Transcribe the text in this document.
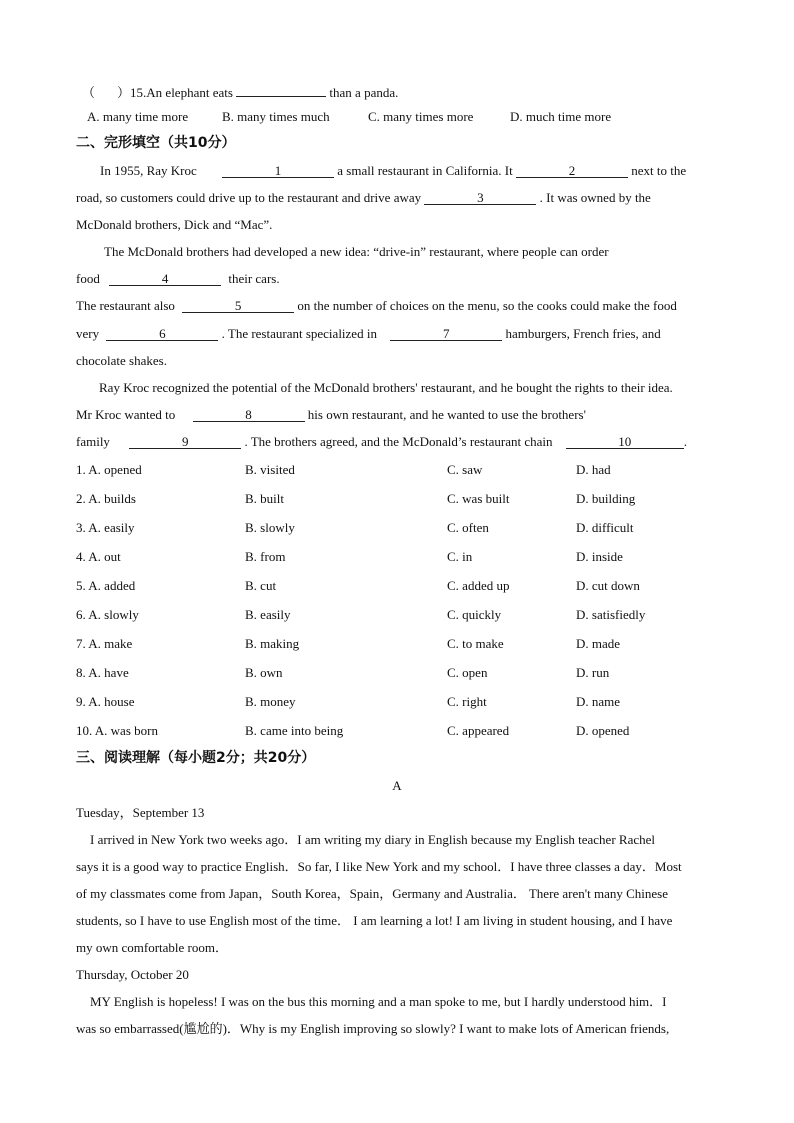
（ ）15.An elephant eats	than a panda.
A. many time more	B. many times much	C. many times more	D. much time more
二、完形填空（共10分）
In 1955, Ray Kroc	1	a small restaurant in California. It	2	next to the
road, so customers could drive up to the restaurant and drive away	3	. It was owned by the
McDonald brothers, Dick and “Mac”.
The McDonald brothers had developed a new idea: “drive-in” restaurant, where people can order
food	4	their cars.
The restaurant also	5	on the number of choices on the menu, so the cooks could make the food
very	6	. The restaurant specialized in	7	hamburgers, French fries, and
chocolate shakes.
Ray Kroc recognized the potential of the McDonald brothers' restaurant, and he bought the rights to their idea.
Mr Kroc wanted to	8	his own restaurant, and he wanted to use the brothers'
family	9	. The brothers agreed, and the McDonald’s restaurant chain	10	.
1. A. opened	B. visited	C. saw	D. had
2. A. builds	B. built	C. was built	D. building
3. A. easily	B. slowly	C. often	D. difficult
4. A. out	B. from	C. in	D. inside
5. A. added	B. cut	C. added up	D. cut down
6. A. slowly	B. easily	C. quickly	D. satisfiedly
7. A. make	B. making	C. to make	D. made
8. A. have	B. own	C. open	D. run
9. A. house	B. money	C. right	D. name
10. A. was born	B. came into being	C. appeared	D. opened
三、阅读理解（每小题2分；共20分）
A
Tuesday，September 13
I arrived in New York two weeks ago．I am writing my diary in English because my English teacher Rachel
says it is a good way to practice English．So far, I like New York and my school．I have three classes a day．Most
of my classmates come from Japan，South Korea，Spain，Germany and Australia． There aren't many Chinese
students, so I have to use English most of the time． I am learning a lot! I am living in student housing, and I have
my own comfortable room．
Thursday, October 20
MY English is hopeless! I was on the bus this morning and a man spoke to me, but I hardly understood him．I
was so embarrassed(尴尬的)．Why is my English improving so slowly? I want to make lots of American friends,
